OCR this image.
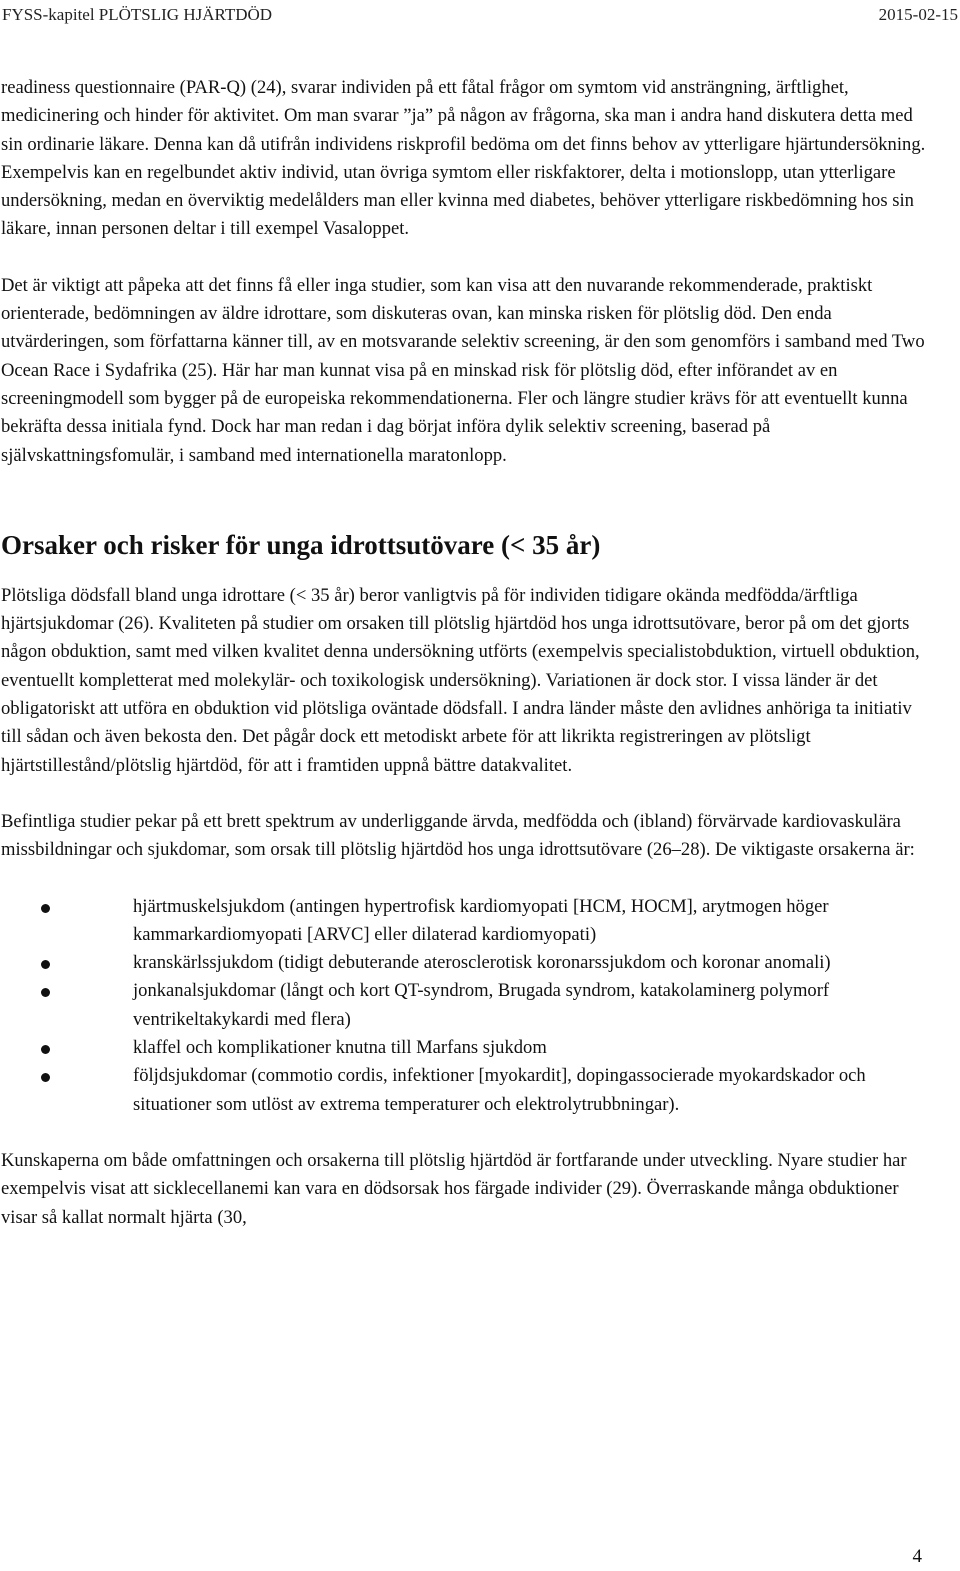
FYSS-kapitel PLÖTSLIG HJÄRTDÖD	2015-02-15

readiness questionnaire (PAR-Q) (24), svarar individen på ett fåtal frågor om symtom vid ansträngning, ärftlighet, medicinering och hinder för aktivitet. Om man svarar ”ja” på någon av frågorna, ska man i andra hand diskutera detta med sin ordinarie läkare. Denna kan då utifrån individens riskprofil bedöma om det finns behov av ytterligare hjärtundersökning. Exempelvis kan en regelbundet aktiv individ, utan övriga symtom eller riskfaktorer, delta i motionslopp, utan ytterligare undersökning, medan en överviktig medelålders man eller kvinna med diabetes, behöver ytterligare riskbedömning hos sin läkare, innan personen deltar i till exempel Vasaloppet.

Det är viktigt att påpeka att det finns få eller inga studier, som kan visa att den nuvarande rekommenderade, praktiskt orienterade, bedömningen av äldre idrottare, som diskuteras ovan, kan minska risken för plötslig död. Den enda utvärderingen, som författarna känner till, av en motsvarande selektiv screening, är den som genomförs i samband med Two Ocean Race i Sydafrika (25). Här har man kunnat visa på en minskad risk för plötslig död, efter införandet av en screeningmodell som bygger på de europeiska rekommendationerna. Fler och längre studier krävs för att eventuellt kunna bekräfta dessa initiala fynd. Dock har man redan i dag börjat införa dylik selektiv screening, baserad på självskattningsfomulär, i samband med internationella maratonlopp.

Orsaker och risker för unga idrottsutövare (< 35 år)

Plötsliga dödsfall bland unga idrottare (< 35 år) beror vanligtvis på för individen tidigare okända medfödda/ärftliga hjärtsjukdomar (26). Kvaliteten på studier om orsaken till plötslig hjärtdöd hos unga idrottsutövare, beror på om det gjorts någon obduktion, samt med vilken kvalitet denna undersökning utförts (exempelvis specialistobduktion, virtuell obduktion, eventuellt kompletterat med molekylär- och toxikologisk undersökning). Variationen är dock stor. I vissa länder är det obligatoriskt att utföra en obduktion vid plötsliga oväntade dödsfall. I andra länder måste den avlidnes anhöriga ta initiativ till sådan och även bekosta den. Det pågår dock ett metodiskt arbete för att likrikta registreringen av plötsligt hjärtstillestånd/plötslig hjärtdöd, för att i framtiden uppnå bättre datakvalitet.

Befintliga studier pekar på ett brett spektrum av underliggande ärvda, medfödda och (ibland) förvärvade kardiovaskulära missbildningar och sjukdomar, som orsak till plötslig hjärtdöd hos unga idrottsutövare (26–28). De viktigaste orsakerna är:

hjärtmuskelsjukdom (antingen hypertrofisk kardiomyopati [HCM, HOCM], arytmogen höger kammarkardiomyopati [ARVC] eller dilaterad kardiomyopati)
kranskärlssjukdom (tidigt debuterande aterosclerotisk koronarssjukdom och koronar anomali)
jonkanalsjukdomar (långt och kort QT-syndrom, Brugada syndrom, katakolaminerg polymorf ventrikeltakykardi med flera)
klaffel och komplikationer knutna till Marfans sjukdom
följdsjukdomar (commotio cordis, infektioner [myokardit], dopingassocierade myokardskador och situationer som utlöst av extrema temperaturer och elektrolytrubbningar).

Kunskaperna om både omfattningen och orsakerna till plötslig hjärtdöd är fortfarande under utveckling. Nyare studier har exempelvis visat att sicklecellanemi kan vara en dödsorsak hos färgade individer (29). Överraskande många obduktioner visar så kallat normalt hjärta (30,

4
